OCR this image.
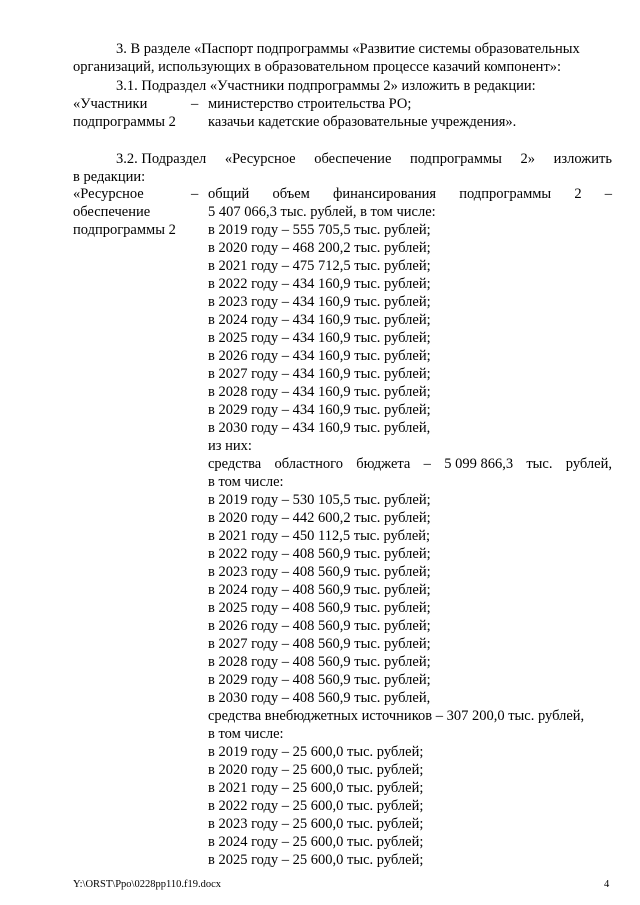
3. В разделе «Паспорт подпрограммы «Развитие системы образовательных
организаций, использующих в образовательном процессе казачий компонент»:
3.1. Подраздел «Участники подпрограммы 2» изложить в редакции:
«Участники
подпрограммы 2
– министерство строительства РО;
казачьи кадетские образовательные учреждения».
3.2. Подраздел «Ресурсное обеспечение подпрограммы 2» изложить
в редакции:
«Ресурсное
обеспечение
подпрограммы 2
– общий объем финансирования подпрограммы 2 –
5 407 066,3 тыс. рублей, в том числе:
в 2019 году – 555 705,5 тыс. рублей;
в 2020 году – 468 200,2 тыс. рублей;
в 2021 году – 475 712,5 тыс. рублей;
в 2022 году – 434 160,9 тыс. рублей;
в 2023 году – 434 160,9 тыс. рублей;
в 2024 году – 434 160,9 тыс. рублей;
в 2025 году – 434 160,9 тыс. рублей;
в 2026 году – 434 160,9 тыс. рублей;
в 2027 году – 434 160,9 тыс. рублей;
в 2028 году – 434 160,9 тыс. рублей;
в 2029 году – 434 160,9 тыс. рублей;
в 2030 году – 434 160,9 тыс. рублей,
из них:
средства областного бюджета – 5 099 866,3 тыс. рублей,
в том числе:
в 2019 году – 530 105,5 тыс. рублей;
в 2020 году – 442 600,2 тыс. рублей;
в 2021 году – 450 112,5 тыс. рублей;
в 2022 году – 408 560,9 тыс. рублей;
в 2023 году – 408 560,9 тыс. рублей;
в 2024 году – 408 560,9 тыс. рублей;
в 2025 году – 408 560,9 тыс. рублей;
в 2026 году – 408 560,9 тыс. рублей;
в 2027 году – 408 560,9 тыс. рублей;
в 2028 году – 408 560,9 тыс. рублей;
в 2029 году – 408 560,9 тыс. рублей;
в 2030 году – 408 560,9 тыс. рублей,
средства внебюджетных источников – 307 200,0 тыс. рублей,
в том числе:
в 2019 году – 25 600,0 тыс. рублей;
в 2020 году – 25 600,0 тыс. рублей;
в 2021 году – 25 600,0 тыс. рублей;
в 2022 году – 25 600,0 тыс. рублей;
в 2023 году – 25 600,0 тыс. рублей;
в 2024 году – 25 600,0 тыс. рублей;
в 2025 году – 25 600,0 тыс. рублей;
Y:\ORST\Ppo\0228pp110.f19.docx	4
